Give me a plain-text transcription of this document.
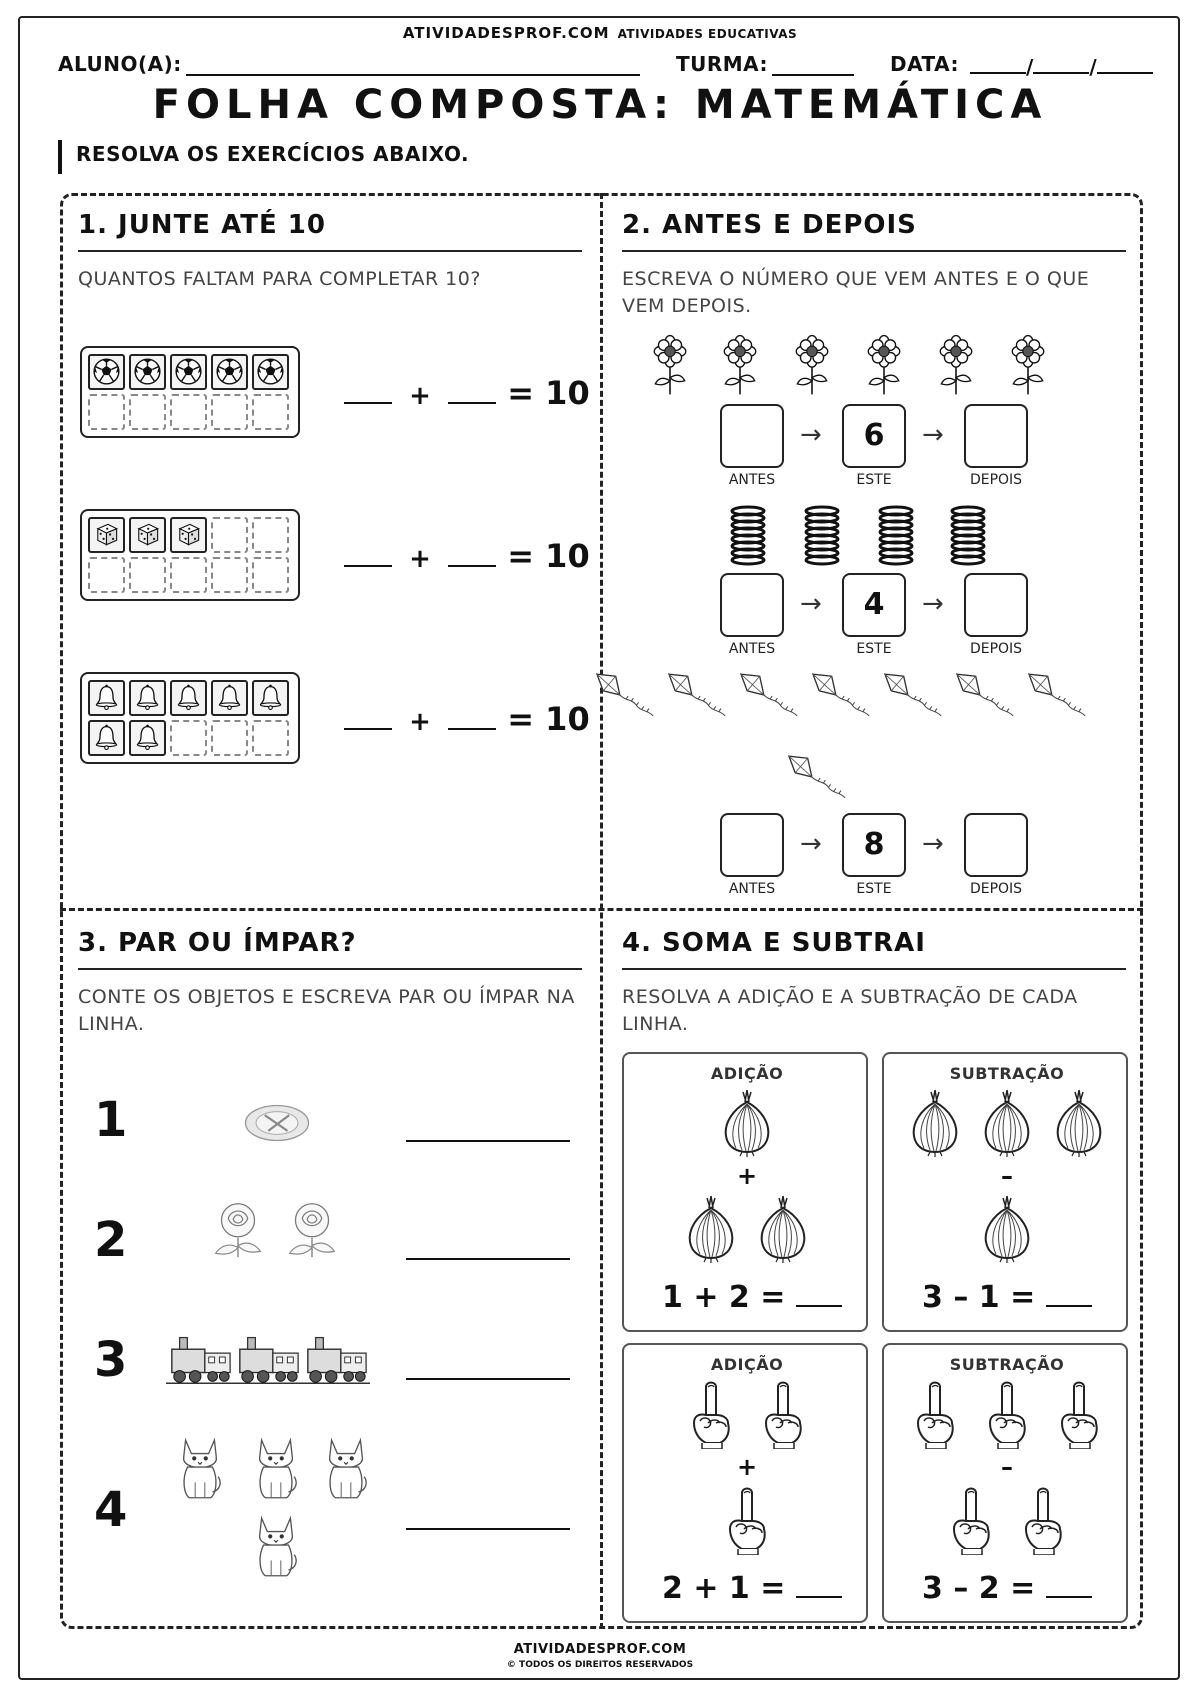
ATIVIDADESPROF.COM ATIVIDADES EDUCATIVAS
ALUNO(A):	TURMA:	DATA:	/	/
FOLHA COMPOSTA: MATEMÁTICA
RESOLVA OS EXERCÍCIOS ABAIXO.
1. JUNTE ATÉ 10
QUANTOS FALTAM PARA COMPLETAR 10?
+ = 10
+ = 10
+ = 10
2. ANTES E DEPOIS
ESCREVA O NÚMERO QUE VEM ANTES E O QUE VEM DEPOIS.
→	6	→
ANTES	ESTE	DEPOIS
→	4	→
ANTES	ESTE	DEPOIS
→	8	→
ANTES	ESTE	DEPOIS
3. PAR OU ÍMPAR?
CONTE OS OBJETOS E ESCREVA PAR OU ÍMPAR NA LINHA.
1
2
3
4
4. SOMA E SUBTRAI
RESOLVA A ADIÇÃO E A SUBTRAÇÃO DE CADA LINHA.
ADIÇÃO
+
1 + 2 =
SUBTRAÇÃO
–
3 – 1 =
ADIÇÃO
+
2 + 1 =
SUBTRAÇÃO
–
3 – 2 =
ATIVIDADESPROF.COM
© TODOS OS DIREITOS RESERVADOS
